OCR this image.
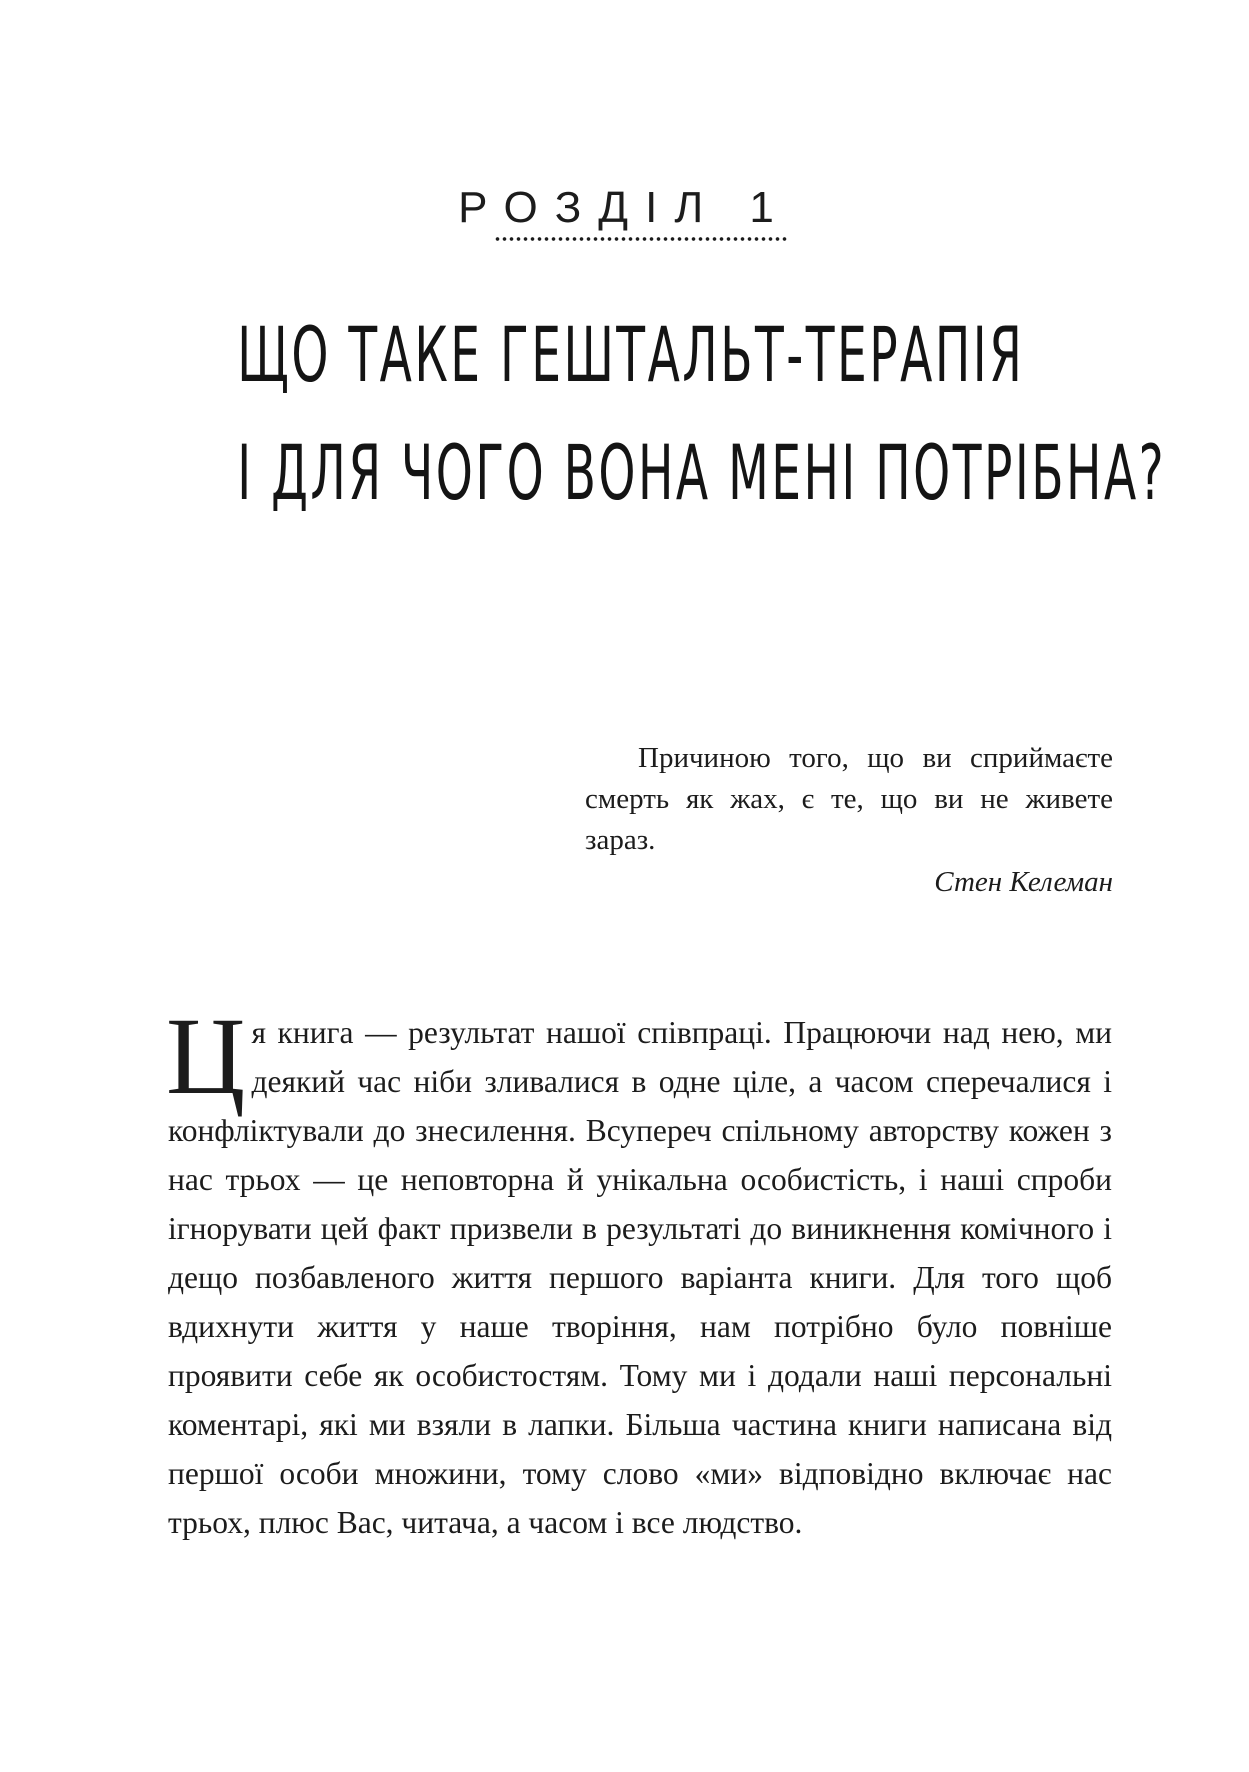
РОЗДІЛ 1
ЩО ТАКЕ ГЕШТАЛЬТ-ТЕРАПІЯ
І ДЛЯ ЧОГО ВОНА МЕНІ ПОТРІБНА?
Причиною того, що ви сприймаєте смерть як жах, є те, що ви не живете зараз.
Стен Келеман
Ц я книга — результат нашої співпраці. Працюючи над нею, ми деякий час ніби зливалися в одне ціле, а часом сперечалися і конфліктували до знесилення. Всупереч спільному авторству кожен з нас трьох — це неповторна й унікальна особистість, і наші спроби ігнорувати цей факт призвели в результаті до виникнення комічного і дещо позбавленого життя першого варіанта книги. Для того щоб вдихнути життя у наше творіння, нам потрібно було повніше проявити себе як особистостям. Тому ми і додали наші персональні коментарі, які ми взяли в лапки. Більша частина книги написана від першої особи множини, тому слово «ми» відповідно включає нас трьох, плюс Вас, читача, а часом і все людство.
